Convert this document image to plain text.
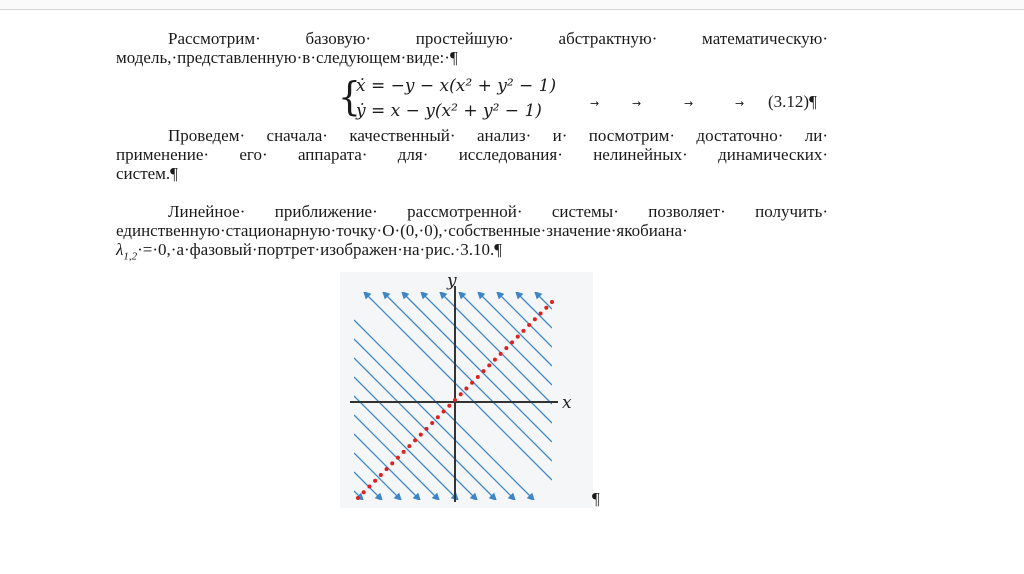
Рассмотрим· базовую· простейшую· абстрактную· математическую·
модель,·представленную·в·следующем·виде:·¶

{
ẋ = −y − x(x² + y² − 1)
ẏ = x − y(x² + y² − 1)	→	→	→	→ (3.12)¶

Проведем· сначала· качественный· анализ· и· посмотрим· достаточно· ли·
применение· его· аппарата· для· исследования· нелинейных· динамических·
систем.¶

Линейное· приближение· рассмотренной· системы· позволяет· получить·
единственную·стационарную·точку·O·(0,·0),·собственные·значение·якобиана·
$\lambda_{1,2}\cdot=\cdot 0,\cdot а\cdot фазовый\cdot портрет\cdot изображен\cdot на\cdot рис.\cdot 3.10.\P$

x
y
¶
